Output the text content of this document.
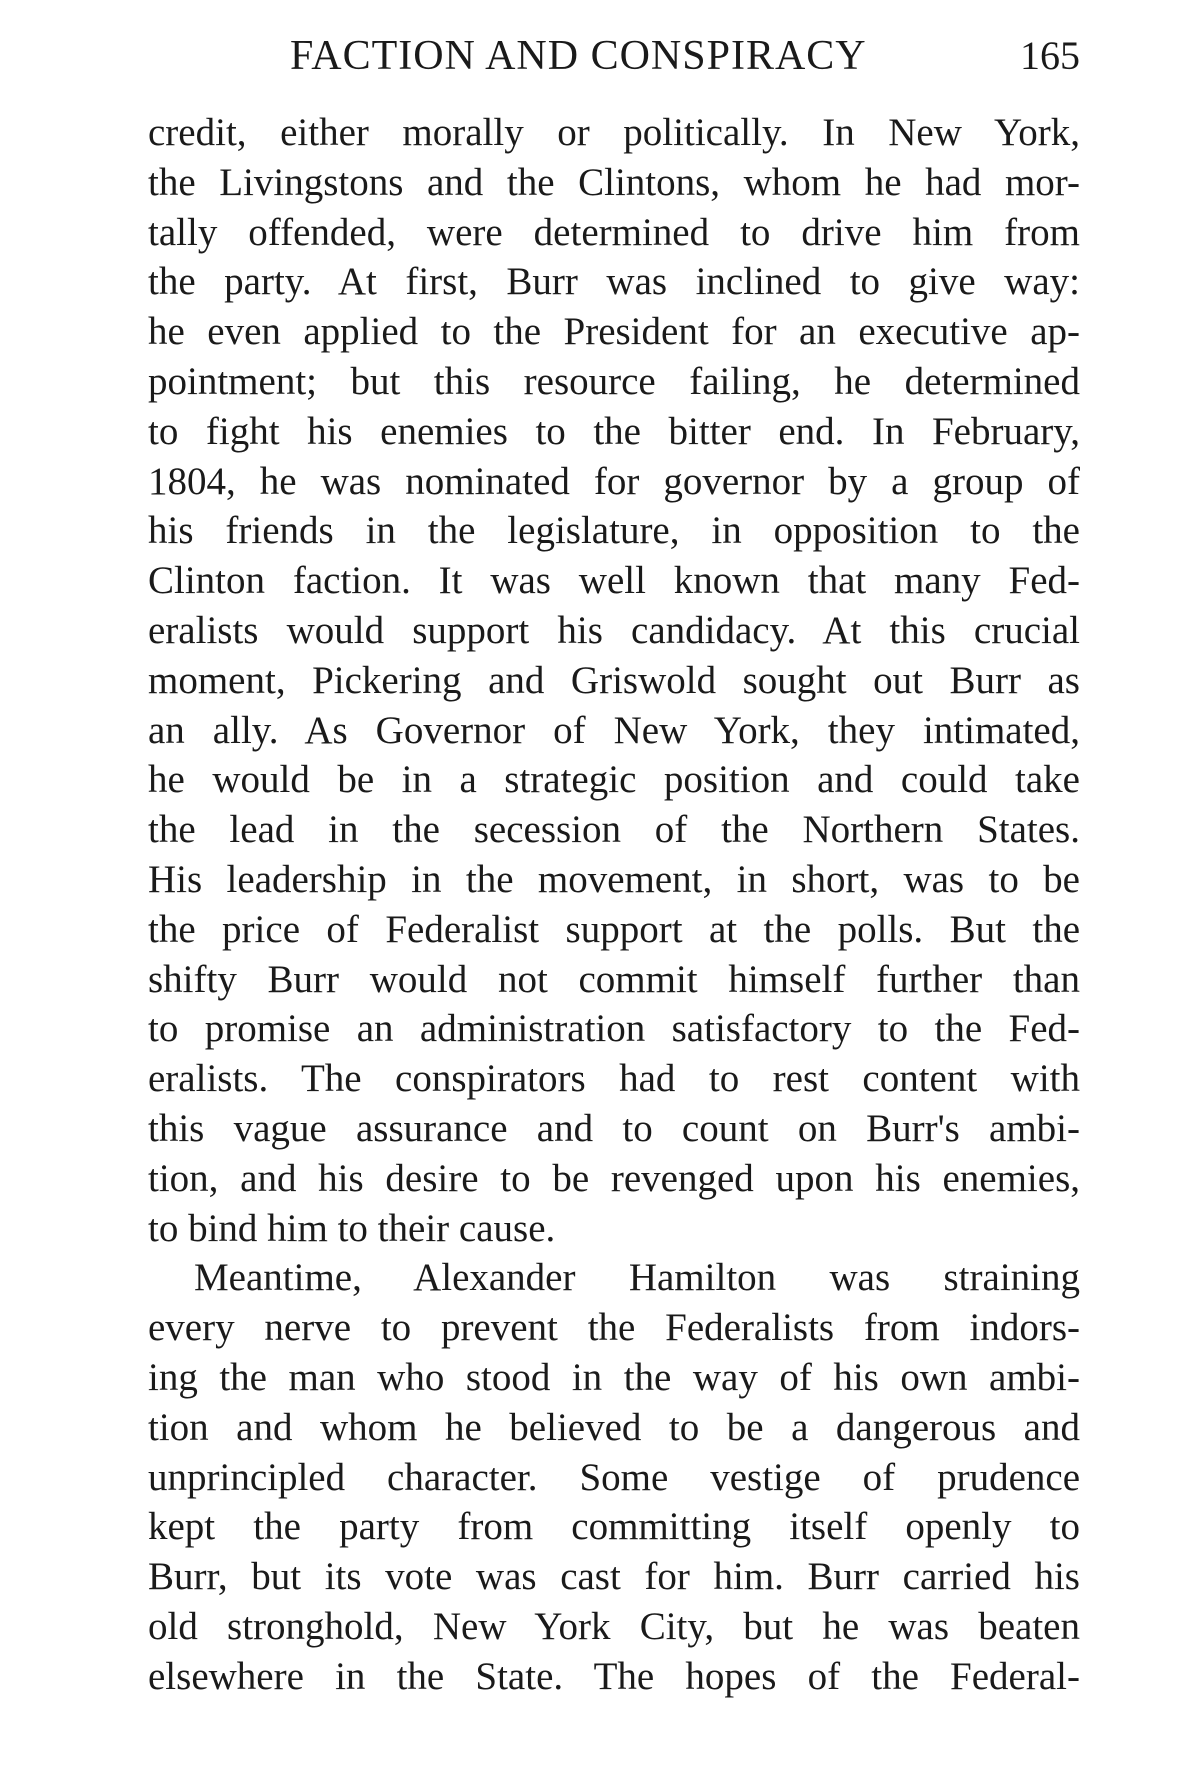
FACTION AND CONSPIRACY	165
credit, either morally or politically. In New York,
the Livingstons and the Clintons, whom he had mor-
tally offended, were determined to drive him from
the party. At first, Burr was inclined to give way:
he even applied to the President for an executive ap-
pointment; but this resource failing, he determined
to fight his enemies to the bitter end. In February,
1804, he was nominated for governor by a group of
his friends in the legislature, in opposition to the
Clinton faction. It was well known that many Fed-
eralists would support his candidacy. At this crucial
moment, Pickering and Griswold sought out Burr as
an ally. As Governor of New York, they intimated,
he would be in a strategic position and could take
the lead in the secession of the Northern States.
His leadership in the movement, in short, was to be
the price of Federalist support at the polls. But the
shifty Burr would not commit himself further than
to promise an administration satisfactory to the Fed-
eralists. The conspirators had to rest content with
this vague assurance and to count on Burr's ambi-
tion, and his desire to be revenged upon his enemies,
to bind him to their cause.
Meantime, Alexander Hamilton was straining
every nerve to prevent the Federalists from indors-
ing the man who stood in the way of his own ambi-
tion and whom he believed to be a dangerous and
unprincipled character. Some vestige of prudence
kept the party from committing itself openly to
Burr, but its vote was cast for him. Burr carried his
old stronghold, New York City, but he was beaten
elsewhere in the State. The hopes of the Federal-
